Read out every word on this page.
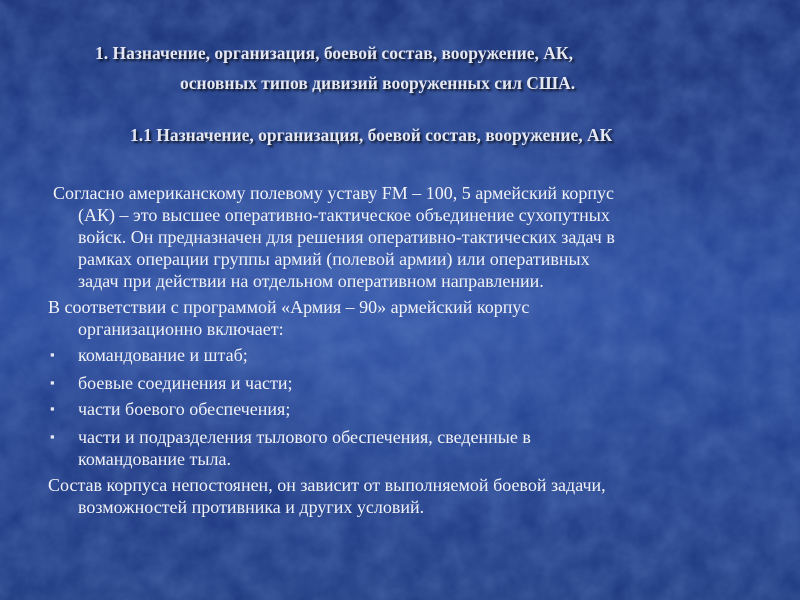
1. Назначение, организация, боевой состав, вооружение, АК,

основных типов дивизий вооруженных сил США.

1.1 Назначение, организация, боевой состав, вооружение, АК

Согласно американскому полевому уставу FM – 100, 5 армейский корпус
(АК) – это высшее оперативно-тактическое объединение сухопутных
войск. Он предназначен для решения оперативно-тактических задач в
рамках операции группы армий (полевой армии) или оперативных
задач при действии на отдельном оперативном направлении.
В соответствии с программой «Армия – 90» армейский корпус
организационно включает:
▪ командование и штаб;
▪ боевые соединения и части;
▪ части боевого обеспечения;
▪ части и подразделения тылового обеспечения, сведенные в
командование тыла.
Состав корпуса непостоянен, он зависит от выполняемой боевой задачи,
возможностей противника и других условий.
